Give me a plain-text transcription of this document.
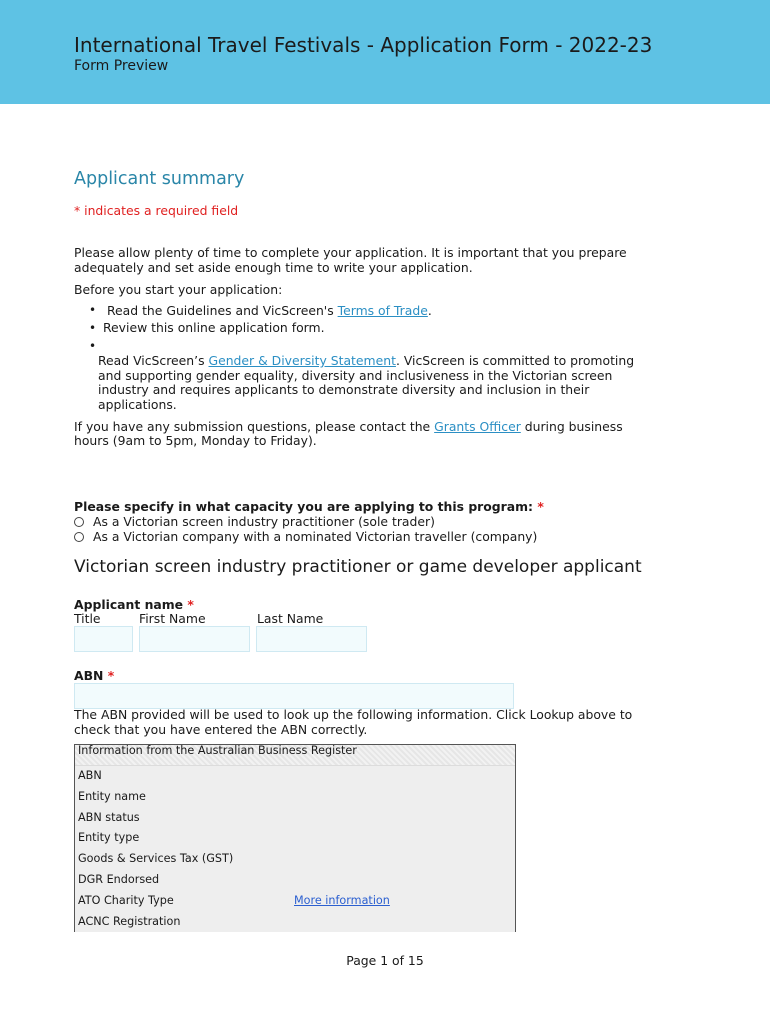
International Travel Festivals - Application Form - 2022-23
Form Preview
Applicant summary
* indicates a required field
Please allow plenty of time to complete your application. It is important that you prepare
adequately and set aside enough time to write your application.
Before you start your application:
• Read the Guidelines and VicScreen's Terms of Trade.
• Review this online application form.
•
Read VicScreen’s Gender & Diversity Statement. VicScreen is committed to promoting
and supporting gender equality, diversity and inclusiveness in the Victorian screen
industry and requires applicants to demonstrate diversity and inclusion in their
applications.
If you have any submission questions, please contact the Grants Officer during business
hours (9am to 5pm, Monday to Friday).
Please specify in what capacity you are applying to this program: *
As a Victorian screen industry practitioner (sole trader)
As a Victorian company with a nominated Victorian traveller (company)
Victorian screen industry practitioner or game developer applicant
Applicant name *
Title	First Name	Last Name
ABN *
The ABN provided will be used to look up the following information. Click Lookup above to
check that you have entered the ABN correctly.
Information from the Australian Business Register
ABN
Entity name
ABN status
Entity type
Goods & Services Tax (GST)
DGR Endorsed
ATO Charity Type	More information
ACNC Registration
Page 1 of 15
